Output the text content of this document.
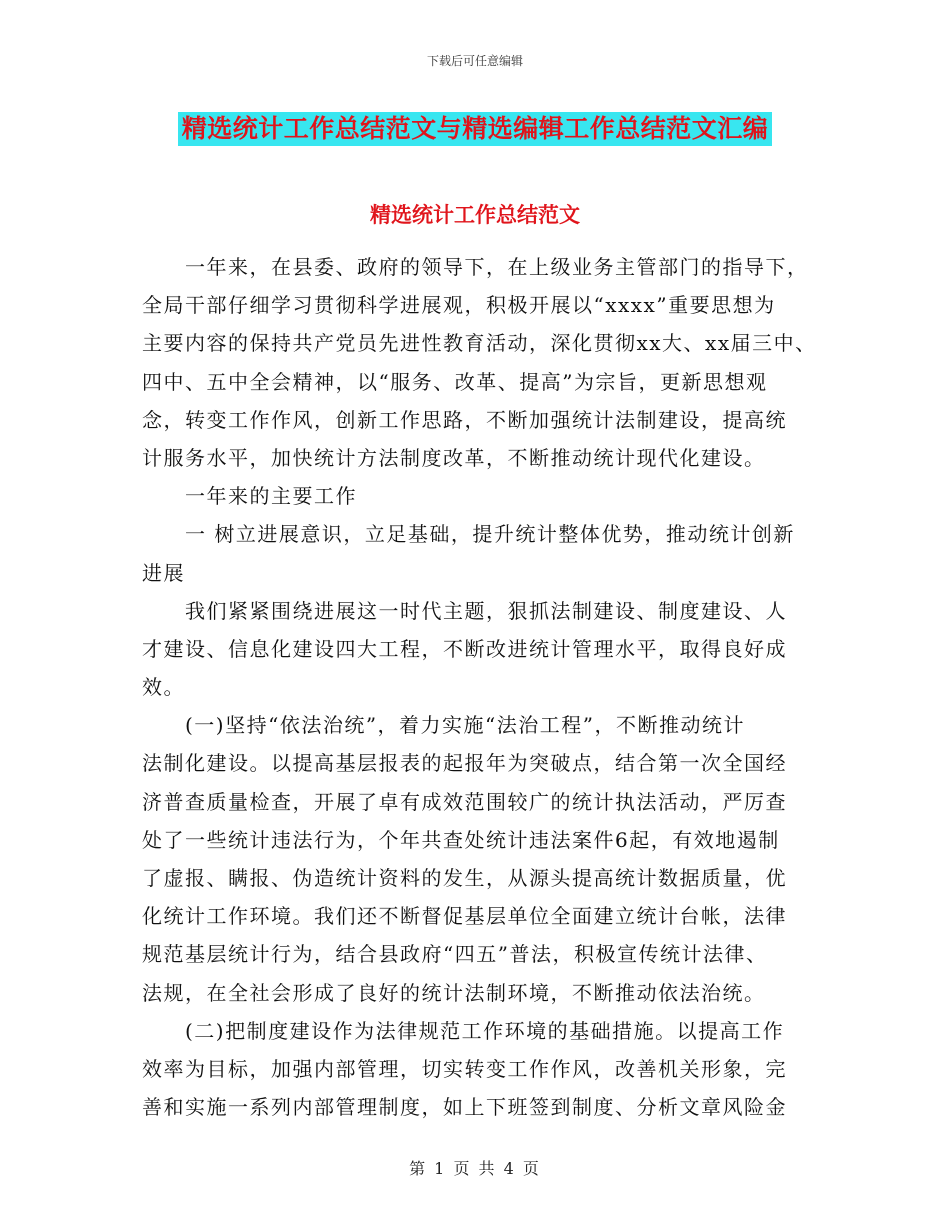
下载后可任意编辑
精选统计工作总结范文与精选编辑工作总结范文汇编
精选统计工作总结范文
　　一年来，在县委、政府的领导下，在上级业务主管部门的指导下，
全局干部仔细学习贯彻科学进展观，积极开展以“xxxx”重要思想为
主要内容的保持共产党员先进性教育活动，深化贯彻xx大、xx届三中、
四中、五中全会精神，以“服务、改革、提高”为宗旨，更新思想观
念，转变工作作风，创新工作思路，不断加强统计法制建设，提高统
计服务水平，加快统计方法制度改革，不断推动统计现代化建设。
　　一年来的主要工作
　　一 树立进展意识，立足基础，提升统计整体优势，推动统计创新
进展
　　我们紧紧围绕进展这一时代主题，狠抓法制建设、制度建设、人
才建设、信息化建设四大工程，不断改进统计管理水平，取得良好成
效。
　　(一)坚持“依法治统”，着力实施“法治工程”，不断推动统计
法制化建设。以提高基层报表的起报年为突破点，结合第一次全国经
济普查质量检查，开展了卓有成效范围较广的统计执法活动，严厉查
处了一些统计违法行为，个年共查处统计违法案件6起，有效地遏制
了虚报、瞒报、伪造统计资料的发生，从源头提高统计数据质量，优
化统计工作环境。我们还不断督促基层单位全面建立统计台帐，法律
规范基层统计行为，结合县政府“四五”普法，积极宣传统计法律、
法规，在全社会形成了良好的统计法制环境，不断推动依法治统。
　　(二)把制度建设作为法律规范工作环境的基础措施。以提高工作
效率为目标，加强内部管理，切实转变工作作风，改善机关形象，完
善和实施一系列内部管理制度，如上下班签到制度、分析文章风险金
第 1 页 共 4 页
